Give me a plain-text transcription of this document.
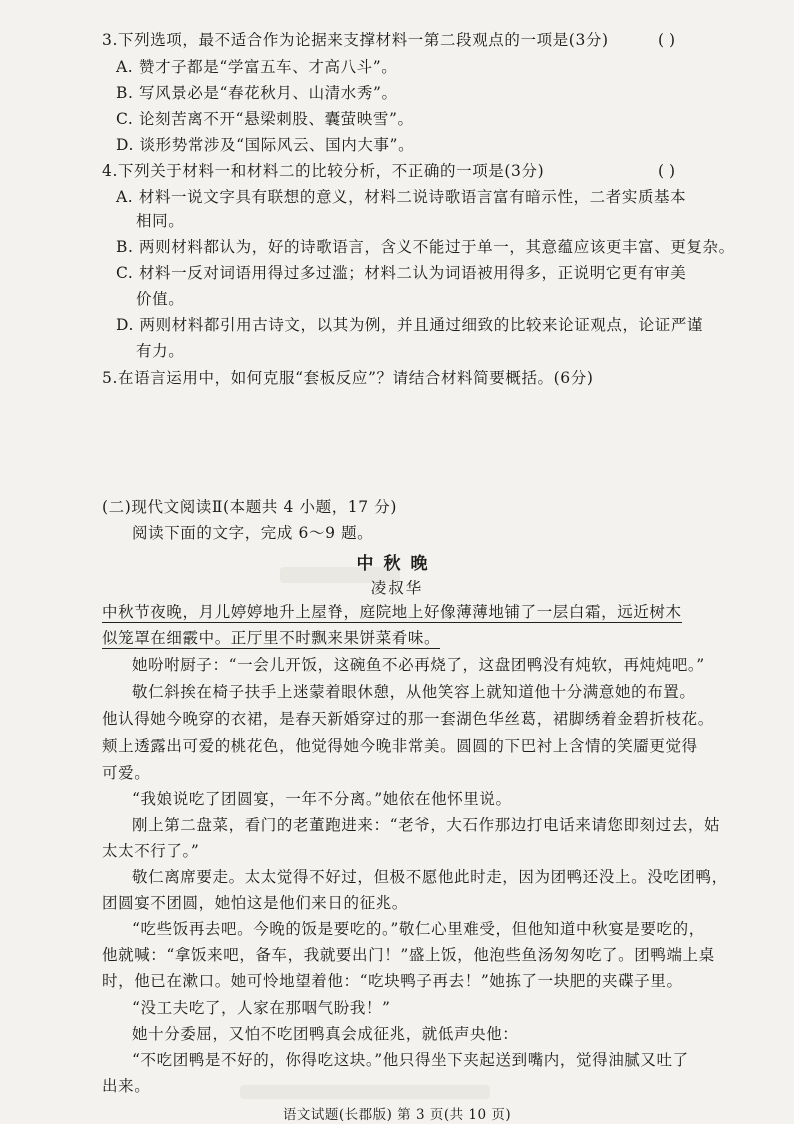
3.下列选项，最不适合作为论据来支撑材料一第二段观点的一项是(3分)	( )
A. 赞才子都是“学富五车、才高八斗”。
B. 写风景必是“春花秋月、山清水秀”。
C. 论刻苦离不开“悬梁刺股、囊萤映雪”。
D. 谈形势常涉及“国际风云、国内大事”。
4.下列关于材料一和材料二的比较分析，不正确的一项是(3分)	( )
A. 材料一说文字具有联想的意义，材料二说诗歌语言富有暗示性，二者实质基本
相同。
B. 两则材料都认为，好的诗歌语言，含义不能过于单一，其意蕴应该更丰富、更复杂。
C. 材料一反对词语用得过多过滥；材料二认为词语被用得多，正说明它更有审美
价值。
D. 两则材料都引用古诗文，以其为例，并且通过细致的比较来论证观点，论证严谨
有力。
5.在语言运用中，如何克服“套板反应”？请结合材料简要概括。(6分)
(二)现代文阅读Ⅱ(本题共 4 小题，17 分)
阅读下面的文字，完成 6～9 题。
中秋晚
凌叔华
中秋节夜晚，月儿婷婷地升上屋脊，庭院地上好像薄薄地铺了一层白霜，远近树木
似笼罩在细霰中。正厅里不时飘来果饼菜肴味。
她吩咐厨子：“一会儿开饭，这碗鱼不必再烧了，这盘团鸭没有炖软，再炖炖吧。”
敬仁斜挨在椅子扶手上迷蒙着眼休憩，从他笑容上就知道他十分满意她的布置。
他认得她今晚穿的衣裙，是春天新婚穿过的那一套湖色华丝葛，裙脚绣着金碧折枝花。
颊上透露出可爱的桃花色，他觉得她今晚非常美。圆圆的下巴衬上含情的笑靥更觉得
可爱。
“我娘说吃了团圆宴，一年不分离。”她依在他怀里说。
刚上第二盘菜，看门的老董跑进来：“老爷，大石作那边打电话来请您即刻过去，姑
太太不行了。”
敬仁离席要走。太太觉得不好过，但极不愿他此时走，因为团鸭还没上。没吃团鸭，
团圆宴不团圆，她怕这是他们来日的征兆。
“吃些饭再去吧。今晚的饭是要吃的。”敬仁心里难受，但他知道中秋宴是要吃的，
他就喊：“拿饭来吧，备车，我就要出门！”盛上饭，他泡些鱼汤匆匆吃了。团鸭端上桌
时，他已在漱口。她可怜地望着他：“吃块鸭子再去！”她拣了一块肥的夹碟子里。
“没工夫吃了，人家在那咽气盼我！”
她十分委屈，又怕不吃团鸭真会成征兆，就低声央他：
“不吃团鸭是不好的，你得吃这块。”他只得坐下夹起送到嘴内，觉得油腻又吐了
出来。
语文试题(长郡版) 第 3 页(共 10 页)
